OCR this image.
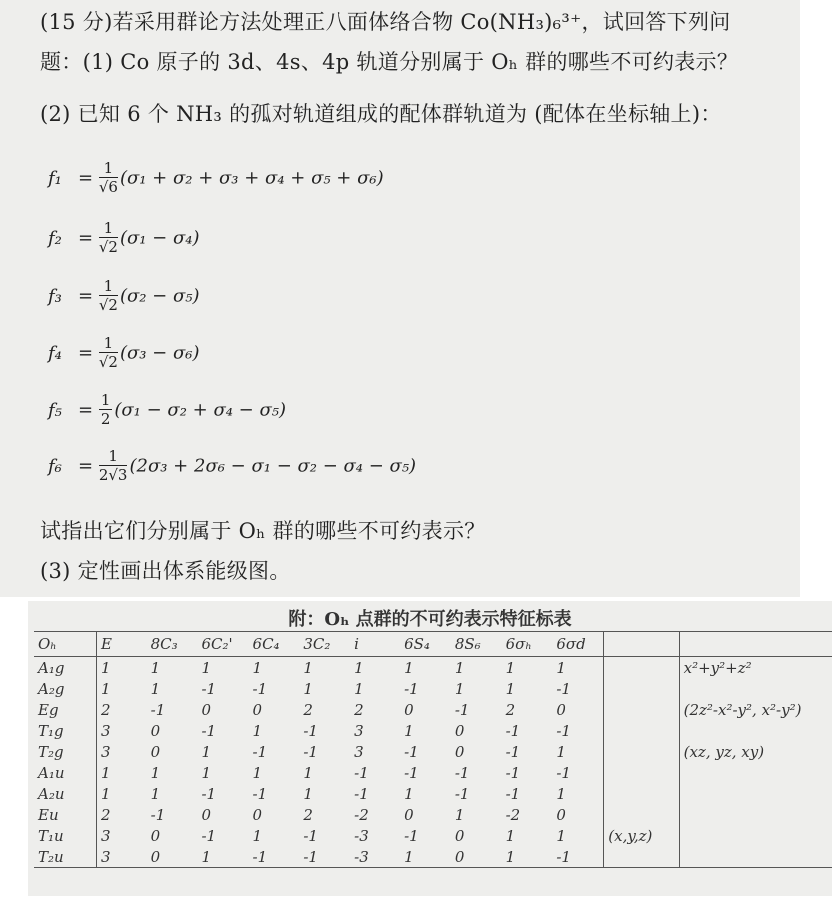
(15 分)若采用群论方法处理正八面体络合物 Co(NH₃)₆³⁺，试回答下列问
题：(1) Co 原子的 3d、4s、4p 轨道分别属于 Oₕ 群的哪些不可约表示？
(2) 已知 6 个 NH₃ 的孤对轨道组成的配体群轨道为 (配体在坐标轴上)：
$f_1 = \frac{1}{√6} (\sigma_1 + \sigma_2 + \sigma_3 + \sigma_4 + \sigma_5 + \sigma_6)$
$f_2 = \frac{1}{√2} (\sigma_1 - \sigma_4)$
$f_3 = \frac{1}{√2} (\sigma_2 - \sigma_5)$
$f_4 = \frac{1}{√2} (\sigma_3 - \sigma_6)$
$f_5 = \frac{1}{2} (\sigma_1 - \sigma_2 + \sigma_4 - \sigma_5)$
$f_6 = \frac{1}{2√3} (2\sigma_3 + 2\sigma_6 - \sigma_1 - \sigma_2 - \sigma_4 - \sigma_5)$
试指出它们分别属于 Oₕ 群的哪些不可约表示？
(3) 定性画出体系能级图。
附：Oₕ 点群的不可约表示特征标表
Oₕ	E	8C₃	6C₂'	6C₄	3C₂	i	6S₄	8S₆	6σₕ	6σd		
A₁g	1	1	1	1	1	1	1	1	1	1		x²+y²+z²
A₂g	1	1	-1	-1	1	1	-1	1	1	-1		
Eg	2	-1	0	0	2	2	0	-1	2	0		(2z²-x²-y², x²-y²)
T₁g	3	0	-1	1	-1	3	1	0	-1	-1		
T₂g	3	0	1	-1	-1	3	-1	0	-1	1		(xz, yz, xy)
A₁u	1	1	1	1	1	-1	-1	-1	-1	-1		
A₂u	1	1	-1	-1	1	-1	1	-1	-1	1		
Eu	2	-1	0	0	2	-2	0	1	-2	0		
T₁u	3	0	-1	1	-1	-3	-1	0	1	1	(x,y,z)	
T₂u	3	0	1	-1	-1	-3	1	0	1	-1		
